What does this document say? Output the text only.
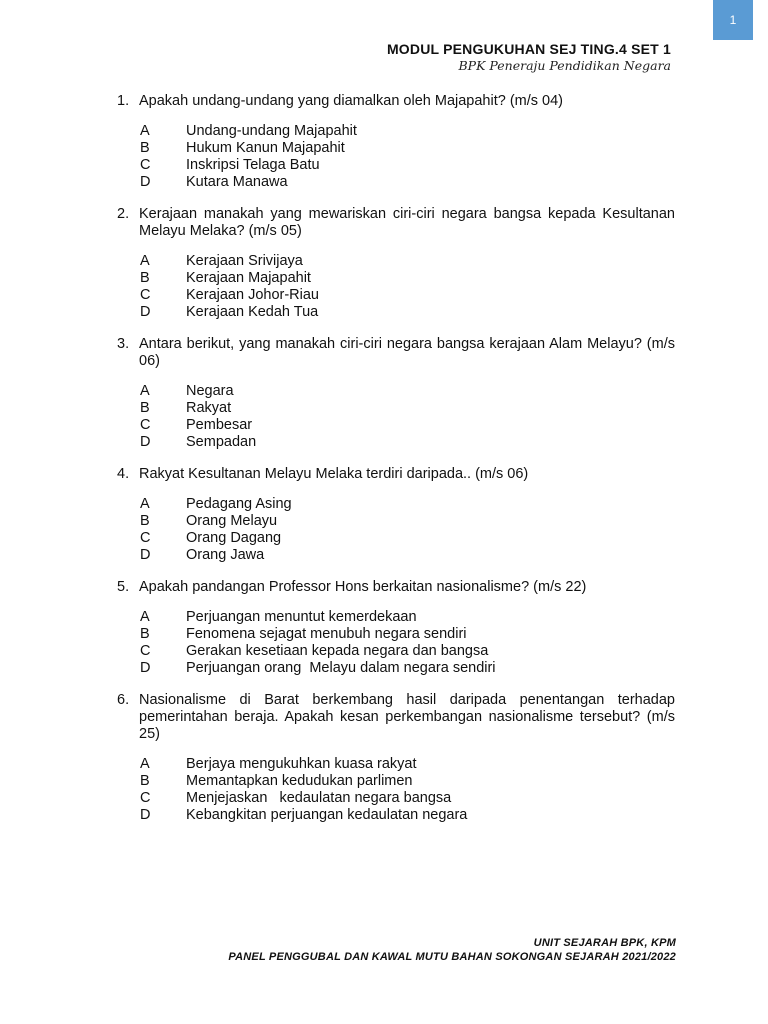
1
MODUL PENGUKUHAN SEJ TING.4 SET 1
BPK Peneraju Pendidikan Negara
1. Apakah undang-undang yang diamalkan oleh Majapahit? (m/s 04)
A	Undang-undang Majapahit
B	Hukum Kanun Majapahit
C	Inskripsi Telaga Batu
D	Kutara Manawa
2. Kerajaan manakah yang mewariskan ciri-ciri negara bangsa kepada Kesultanan Melayu Melaka? (m/s 05)
A	Kerajaan Srivijaya
B	Kerajaan Majapahit
C	Kerajaan Johor-Riau
D	Kerajaan Kedah Tua
3. Antara berikut, yang manakah ciri-ciri negara bangsa kerajaan Alam Melayu? (m/s 06)
A	Negara
B	Rakyat
C	Pembesar
D	Sempadan
4. Rakyat Kesultanan Melayu Melaka terdiri daripada.. (m/s 06)
A	Pedagang Asing
B	Orang Melayu
C	Orang Dagang
D	Orang Jawa
5. Apakah pandangan Professor Hons berkaitan nasionalisme? (m/s 22)
A	Perjuangan menuntut kemerdekaan
B	Fenomena sejagat menubuh negara sendiri
C	Gerakan kesetiaan kepada negara dan bangsa
D	Perjuangan orang  Melayu dalam negara sendiri
6. Nasionalisme di Barat berkembang hasil daripada penentangan terhadap pemerintahan beraja. Apakah kesan perkembangan nasionalisme tersebut? (m/s 25)
A	Berjaya mengukuhkan kuasa rakyat
B	Memantapkan kedudukan parlimen
C	Menjejaskan   kedaulatan negara bangsa
D	Kebangkitan perjuangan kedaulatan negara
UNIT SEJARAH BPK, KPM
PANEL PENGGUBAL DAN KAWAL MUTU BAHAN SOKONGAN SEJARAH 2021/2022
